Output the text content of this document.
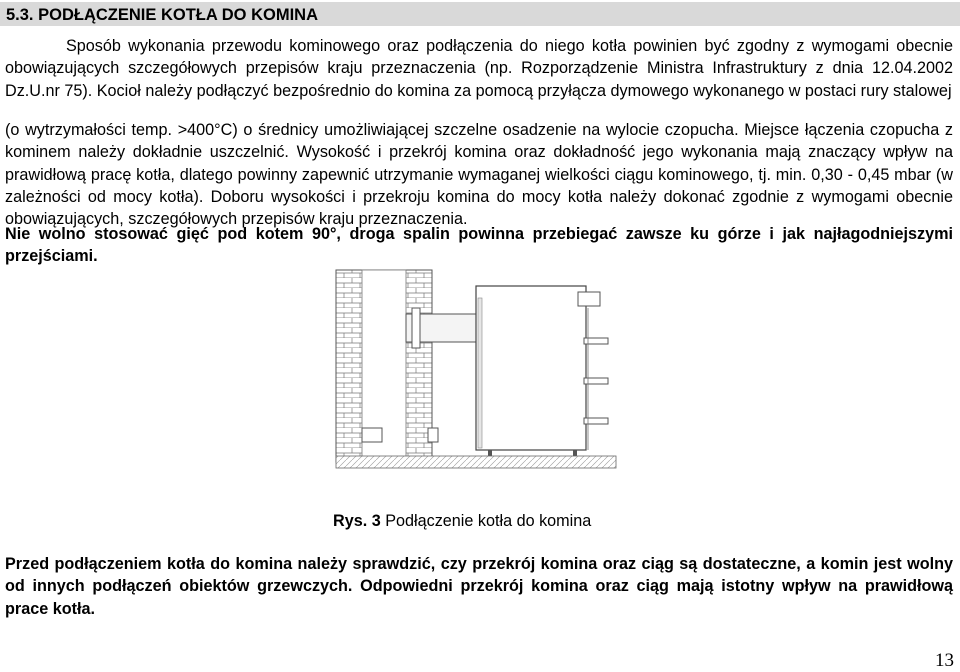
5.3. PODŁĄCZENIE KOTŁA DO KOMINA
Sposób wykonania przewodu kominowego oraz podłączenia do niego kotła powinien być zgodny z wymogami obecnie obowiązujących szczegółowych przepisów kraju przeznaczenia (np. Rozporządzenie Ministra Infrastruktury z dnia 12.04.2002 Dz.U.nr 75). Kocioł należy podłączyć bezpośrednio do komina za pomocą przyłącza dymowego wykonanego w postaci rury stalowej
(o wytrzymałości temp. >400°C) o średnicy umożliwiającej szczelne osadzenie na wylocie czopucha. Miejsce łączenia czopucha z kominem należy dokładnie uszczelnić. Wysokość i przekrój komina oraz dokładność jego wykonania mają znaczący wpływ na prawidłową pracę kotła, dlatego powinny zapewnić utrzymanie wymaganej wielkości ciągu kominowego, tj. min. 0,30 - 0,45 mbar (w zależności od mocy kotła). Doboru wysokości i przekroju komina do mocy kotła należy dokonać zgodnie z wymogami obecnie obowiązujących, szczegółowych przepisów kraju przeznaczenia.
Nie wolno stosować gięć pod kotem 90°, droga spalin powinna przebiegać zawsze ku górze i jak najłagodniejszymi przejściami.
Rys. 3 Podłączenie kotła do komina
Przed podłączeniem kotła do komina należy sprawdzić, czy przekrój komina oraz ciąg są dostateczne, a komin jest wolny od innych podłączeń obiektów grzewczych. Odpowiedni przekrój komina oraz ciąg mają istotny wpływ na prawidłową prace kotła.
13
